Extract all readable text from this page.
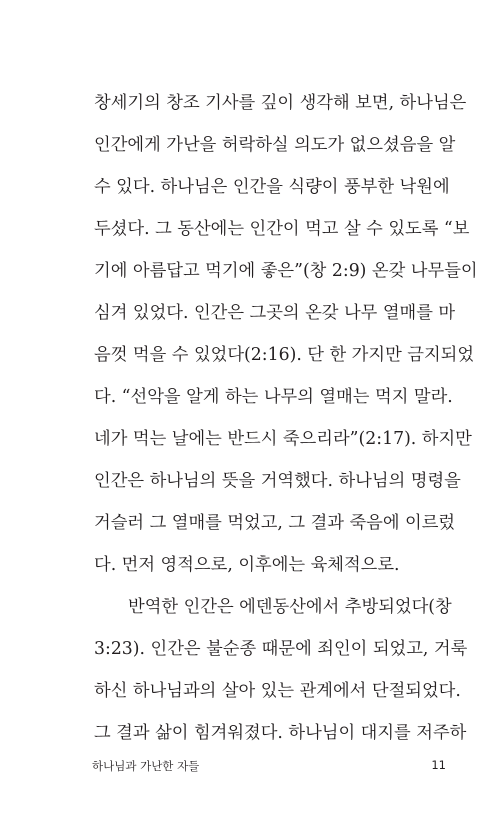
창세기의 창조 기사를 깊이 생각해 보면, 하나님은
인간에게 가난을 허락하실 의도가 없으셨음을 알
수 있다. 하나님은 인간을 식량이 풍부한 낙원에
두셨다. 그 동산에는 인간이 먹고 살 수 있도록 “보
기에 아름답고 먹기에 좋은”(창 2:9) 온갖 나무들이
심겨 있었다. 인간은 그곳의 온갖 나무 열매를 마
음껏 먹을 수 있었다(2:16). 단 한 가지만 금지되었
다. “선악을 알게 하는 나무의 열매는 먹지 말라.
네가 먹는 날에는 반드시 죽으리라”(2:17). 하지만
인간은 하나님의 뜻을 거역했다. 하나님의 명령을
거슬러 그 열매를 먹었고, 그 결과 죽음에 이르렀
다. 먼저 영적으로, 이후에는 육체적으로.
반역한 인간은 에덴동산에서 추방되었다(창
3:23). 인간은 불순종 때문에 죄인이 되었고, 거룩
하신 하나님과의 살아 있는 관계에서 단절되었다.
그 결과 삶이 힘겨워졌다. 하나님이 대지를 저주하
하나님과 가난한 자들	11
